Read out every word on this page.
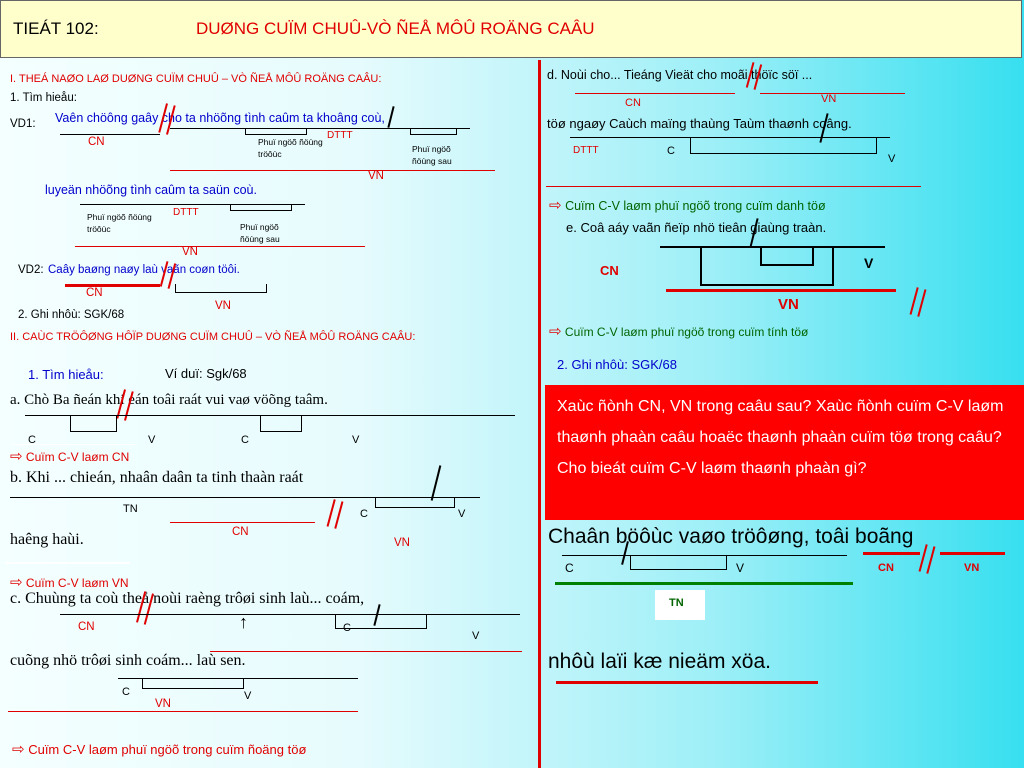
TIEÁT 102:	DUØNG CUÏM CHUÛ-VÒ ÑEÅ MÔÛ ROÄNG CAÂU
I. THEÁ NAØO LAØ DUØNG CUÏM CHUÛ – VÒ ÑEÅ MÔÛ ROÄNG CAÂU:
1. Tìm hieåu:
VD1: Vaên chöông gaây cho ta nhöõng tình caûm ta khoâng coù,
CN	Phuï ngöõ ñöùng tröôùc
DTTT
Phuï ngöõ ñöùng sau
VN
luyeän nhöõng tình caûm ta saün coù.
Phuï ngöõ ñöùng tröôùc
DTTT
Phuï ngöõ ñöùng sau
VN
VD2: Caây baøng naøy laù vaãn coøn töôi.
CN
VN
2. Ghi nhôù: SGK/68
II. CAÙC TRÖÔØNG HÔÏP DUØNG CUÏM CHUÛ – VÒ ÑEÅ MÔÛ ROÄNG CAÂU:
1. Tìm hieåu:	Ví duï: Sgk/68
a. Chò Ba ñeán khi eán toâi raát vui vaø vöõng taâm.
C	V	C	V
⇨ Cuïm C-V laøm CN
b. Khi ... chieán, nhaân daân ta tinh thaàn raát
TN	C	V
CN
haêng haùi.	VN
⇨ Cuïm C-V laøm VN
c. Chuùng ta coù theå noùi raèng trôøi sinh laù... coám,
↑
CN	C
V
cuõng nhö trôøi sinh coám... laù sen.
C	V
VN
⇨ Cuïm C-V laøm phuï ngöõ trong cuïm ñoäng töø
d. Noùi cho... Tieáng Vieät cho moãi thöïc söï ...
CN	VN
töø ngaøy Caùch maïng thaùng Taùm thaønh coâng.
DTTT	C
V
⇨ Cuïm C-V laøm phuï ngöõ trong cuïm danh töø
e. Coâ aáy vaãn ñeïp nhö tieân giaùng traàn.
CN	V
VN
⇨ Cuïm C-V laøm phuï ngöõ trong cuïm tính töø
2. Ghi nhôù: SGK/68
Xaùc ñònh CN, VN trong caâu sau? Xaùc ñònh cuïm C-V laøm thaønh phaàn caâu hoaëc thaønh phaàn cuïm töø trong caâu? Cho bieát cuïm C-V laøm thaønh phaàn gì?
Chaân böôùc vaøo tröôøng, toâi boãng
C	V	CN	VN
TN
nhôù laïi kæ nieäm xöa.
